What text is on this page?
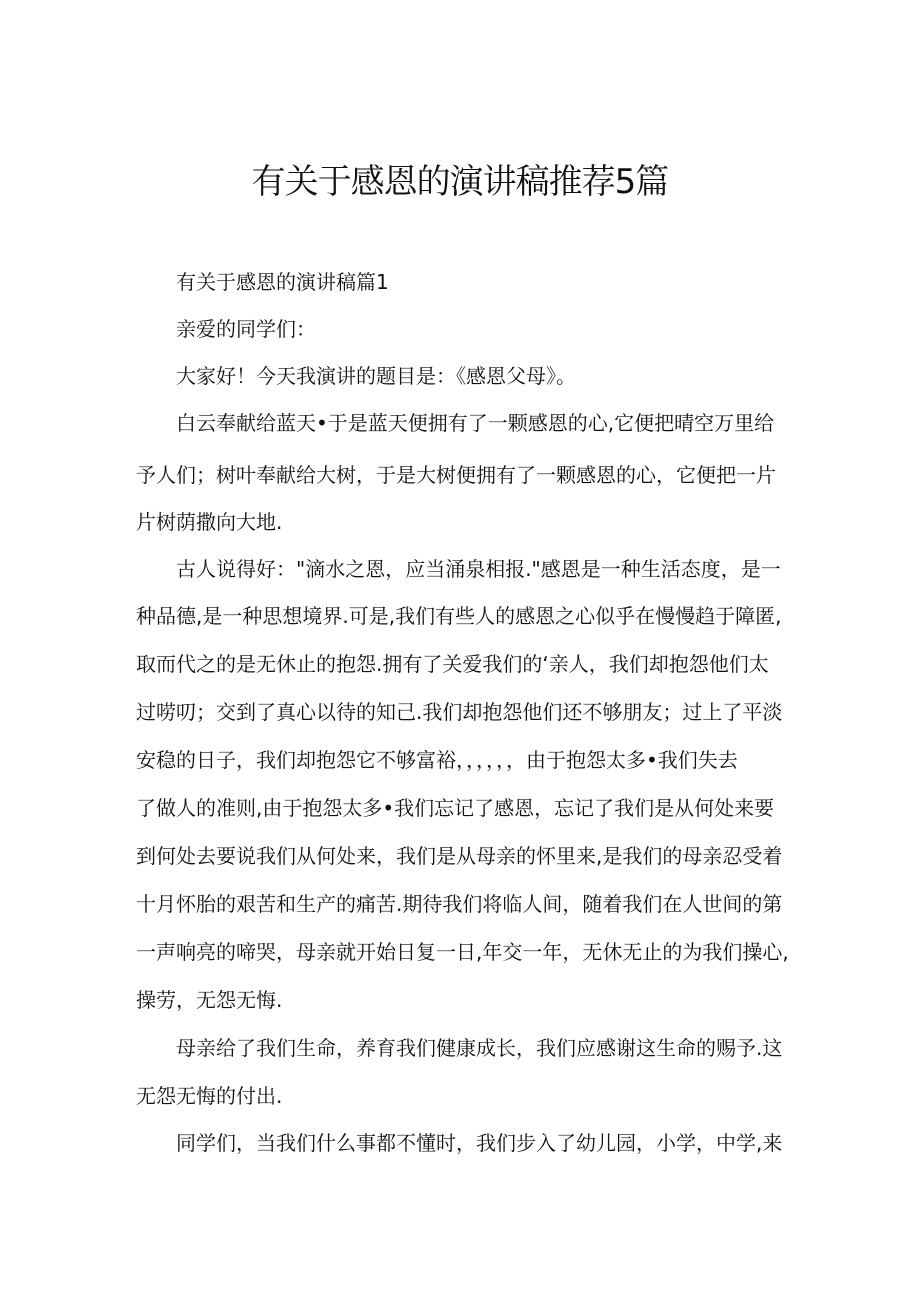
有关于感恩的演讲稿推荐5篇

有关于感恩的演讲稿篇1

亲爱的同学们：

大家好！今天我演讲的题目是：《感恩父母》。

白云奉献给蓝天•于是蓝天便拥有了一颗感恩的心,它便把晴空万里给

予人们；树叶奉献给大树，于是大树便拥有了一颗感恩的心，它便把一片

片树荫撒向大地.

古人说得好："滴水之恩，应当涌泉相报."感恩是一种生活态度，是一

种品德,是一种思想境界.可是,我们有些人的感恩之心似乎在慢慢趋于障匿,

取而代之的是无休止的抱怨.拥有了关爱我们的‘亲人，我们却抱怨他们太

过唠叨；交到了真心以待的知己.我们却抱怨他们还不够朋友；过上了平淡

安稳的日子，我们却抱怨它不够富裕，，，，，，由于抱怨太多•我们失去

了做人的准则,由于抱怨太多•我们忘记了感恩，忘记了我们是从何处来要

到何处去要说我们从何处来，我们是从母亲的怀里来,是我们的母亲忍受着

十月怀胎的艰苦和生产的痛苦.期待我们将临人间，随着我们在人世间的第

一声响亮的啼哭，母亲就开始日复一日,年交一年，无休无止的为我们操心,

操劳，无怨无悔.

母亲给了我们生命，养育我们健康成长，我们应感谢这生命的赐予.这

无怨无悔的付出.

同学们，当我们什么事都不懂时，我们步入了幼儿园，小学，中学,来
